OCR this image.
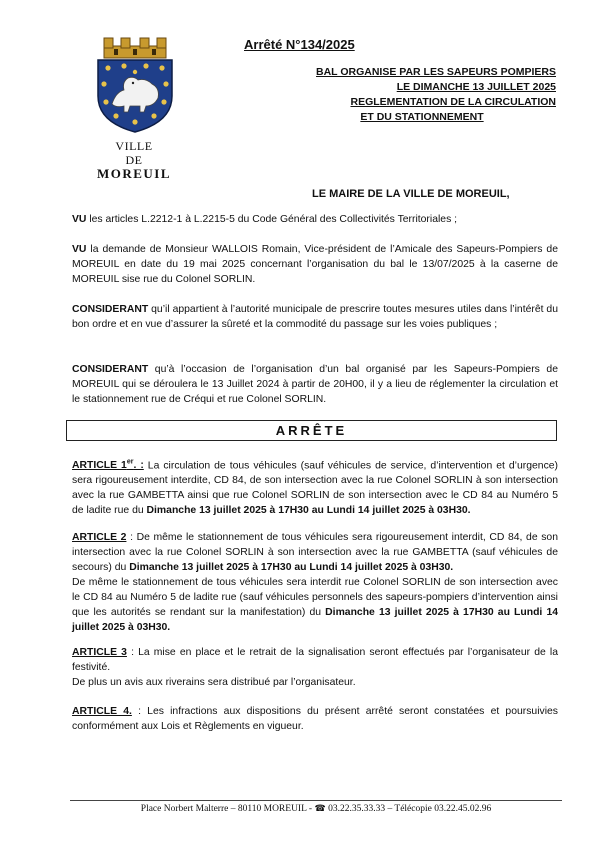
VILLE
DE
MOREUIL
Arrêté N°134/2025
BAL ORGANISE PAR LES SAPEURS POMPIERS
LE DIMANCHE 13 JUILLET 2025
REGLEMENTATION DE LA CIRCULATION
ET DU STATIONNEMENT
LE MAIRE DE LA VILLE DE MOREUIL,

VU les articles L.2212-1 à L.2215-5 du Code Général des Collectivités Territoriales ;

VU la demande de Monsieur WALLOIS Romain, Vice-président de l’Amicale des Sapeurs-Pompiers de MOREUIL en date du 19 mai 2025 concernant l’organisation du bal le 13/07/2025 à la caserne de MOREUIL sise rue du Colonel SORLIN.

CONSIDERANT qu’il appartient à l’autorité municipale de prescrire toutes mesures utiles dans l’intérêt du bon ordre et en vue d’assurer la sûreté et la commodité du passage sur les voies publiques ;

CONSIDERANT qu’à l’occasion de l’organisation d’un bal organisé par les Sapeurs-Pompiers de MOREUIL qui se déroulera le 13 Juillet 2024 à partir de 20H00, il y a lieu de réglementer la circulation et le stationnement rue de Créqui et rue Colonel SORLIN.

ARRÊTE

ARTICLE 1er. : La circulation de tous véhicules (sauf véhicules de service, d’intervention et d’urgence) sera rigoureusement interdite, CD 84, de son intersection avec la rue Colonel SORLIN à son intersection avec la rue GAMBETTA ainsi que rue Colonel SORLIN de son intersection avec le CD 84 au Numéro 5 de ladite rue du Dimanche 13 juillet 2025 à 17H30 au Lundi 14 juillet 2025 à 03H30.

ARTICLE 2 : De même le stationnement de tous véhicules sera rigoureusement interdit, CD 84, de son intersection avec la rue Colonel SORLIN à son intersection avec la rue GAMBETTA (sauf véhicules de secours) du Dimanche 13 juillet 2025 à 17H30 au Lundi 14 juillet 2025 à 03H30.
De même le stationnement de tous véhicules sera interdit rue Colonel SORLIN de son intersection avec le CD 84 au Numéro 5 de ladite rue (sauf véhicules personnels des sapeurs-pompiers d’intervention ainsi que les autorités se rendant sur la manifestation) du Dimanche 13 juillet 2025 à 17H30 au Lundi 14 juillet 2025 à 03H30.

ARTICLE 3 : La mise en place et le retrait de la signalisation seront effectués par l’organisateur de la festivité.
De plus un avis aux riverains sera distribué par l’organisateur.

ARTICLE 4. : Les infractions aux dispositions du présent arrêté seront constatées et poursuivies conformément aux Lois et Règlements en vigueur.

Place Norbert Malterre – 80110 MOREUIL - ☎ 03.22.35.33.33 – Télécopie 03.22.45.02.96
